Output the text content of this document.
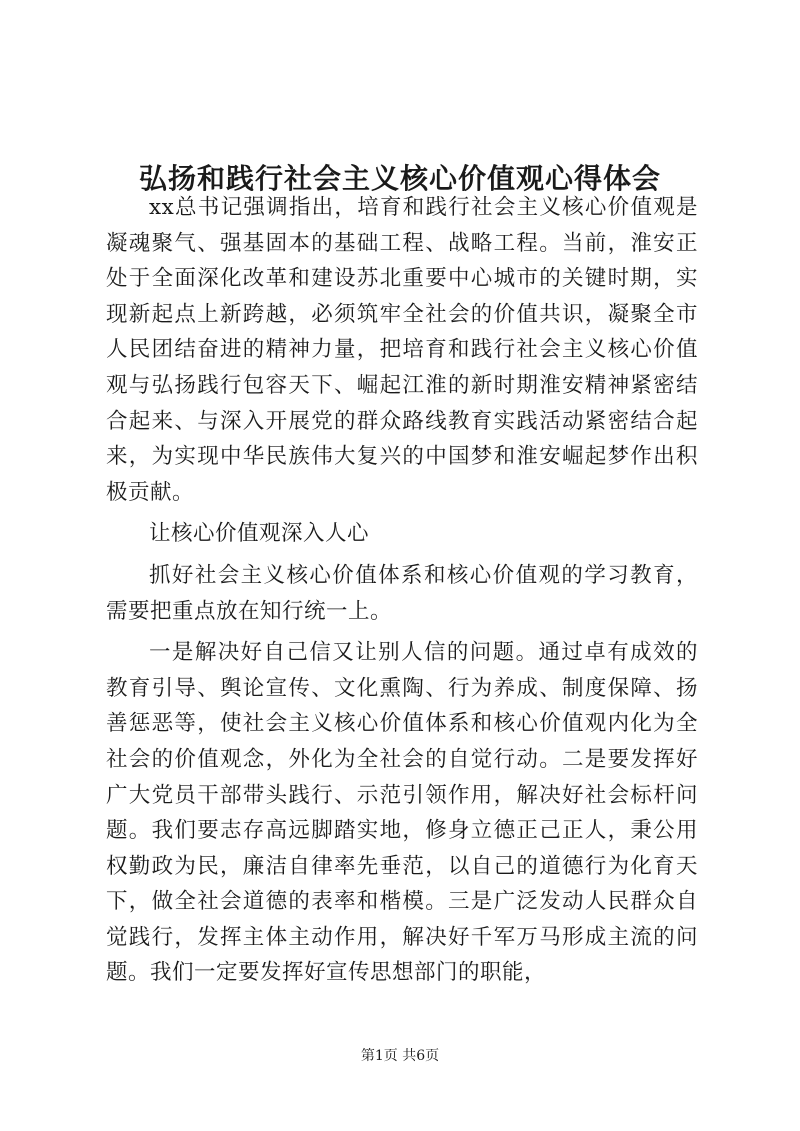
弘扬和践行社会主义核心价值观心得体会

xx总书记强调指出，培育和践行社会主义核心价值观是凝魂聚气、强基固本的基础工程、战略工程。当前，淮安正处于全面深化改革和建设苏北重要中心城市的关键时期，实现新起点上新跨越，必须筑牢全社会的价值共识，凝聚全市人民团结奋进的精神力量，把培育和践行社会主义核心价值观与弘扬践行包容天下、崛起江淮的新时期淮安精神紧密结合起来、与深入开展党的群众路线教育实践活动紧密结合起来，为实现中华民族伟大复兴的中国梦和淮安崛起梦作出积极贡献。

让核心价值观深入人心

抓好社会主义核心价值体系和核心价值观的学习教育，需要把重点放在知行统一上。

一是解决好自己信又让别人信的问题。通过卓有成效的教育引导、舆论宣传、文化熏陶、行为养成、制度保障、扬善惩恶等，使社会主义核心价值体系和核心价值观内化为全社会的价值观念，外化为全社会的自觉行动。二是要发挥好广大党员干部带头践行、示范引领作用，解决好社会标杆问题。我们要志存高远脚踏实地，修身立德正己正人，秉公用权勤政为民，廉洁自律率先垂范，以自己的道德行为化育天下，做全社会道德的表率和楷模。三是广泛发动人民群众自觉践行，发挥主体主动作用，解决好千军万马形成主流的问题。我们一定要发挥好宣传思想部门的职能，

第1页 共6页
